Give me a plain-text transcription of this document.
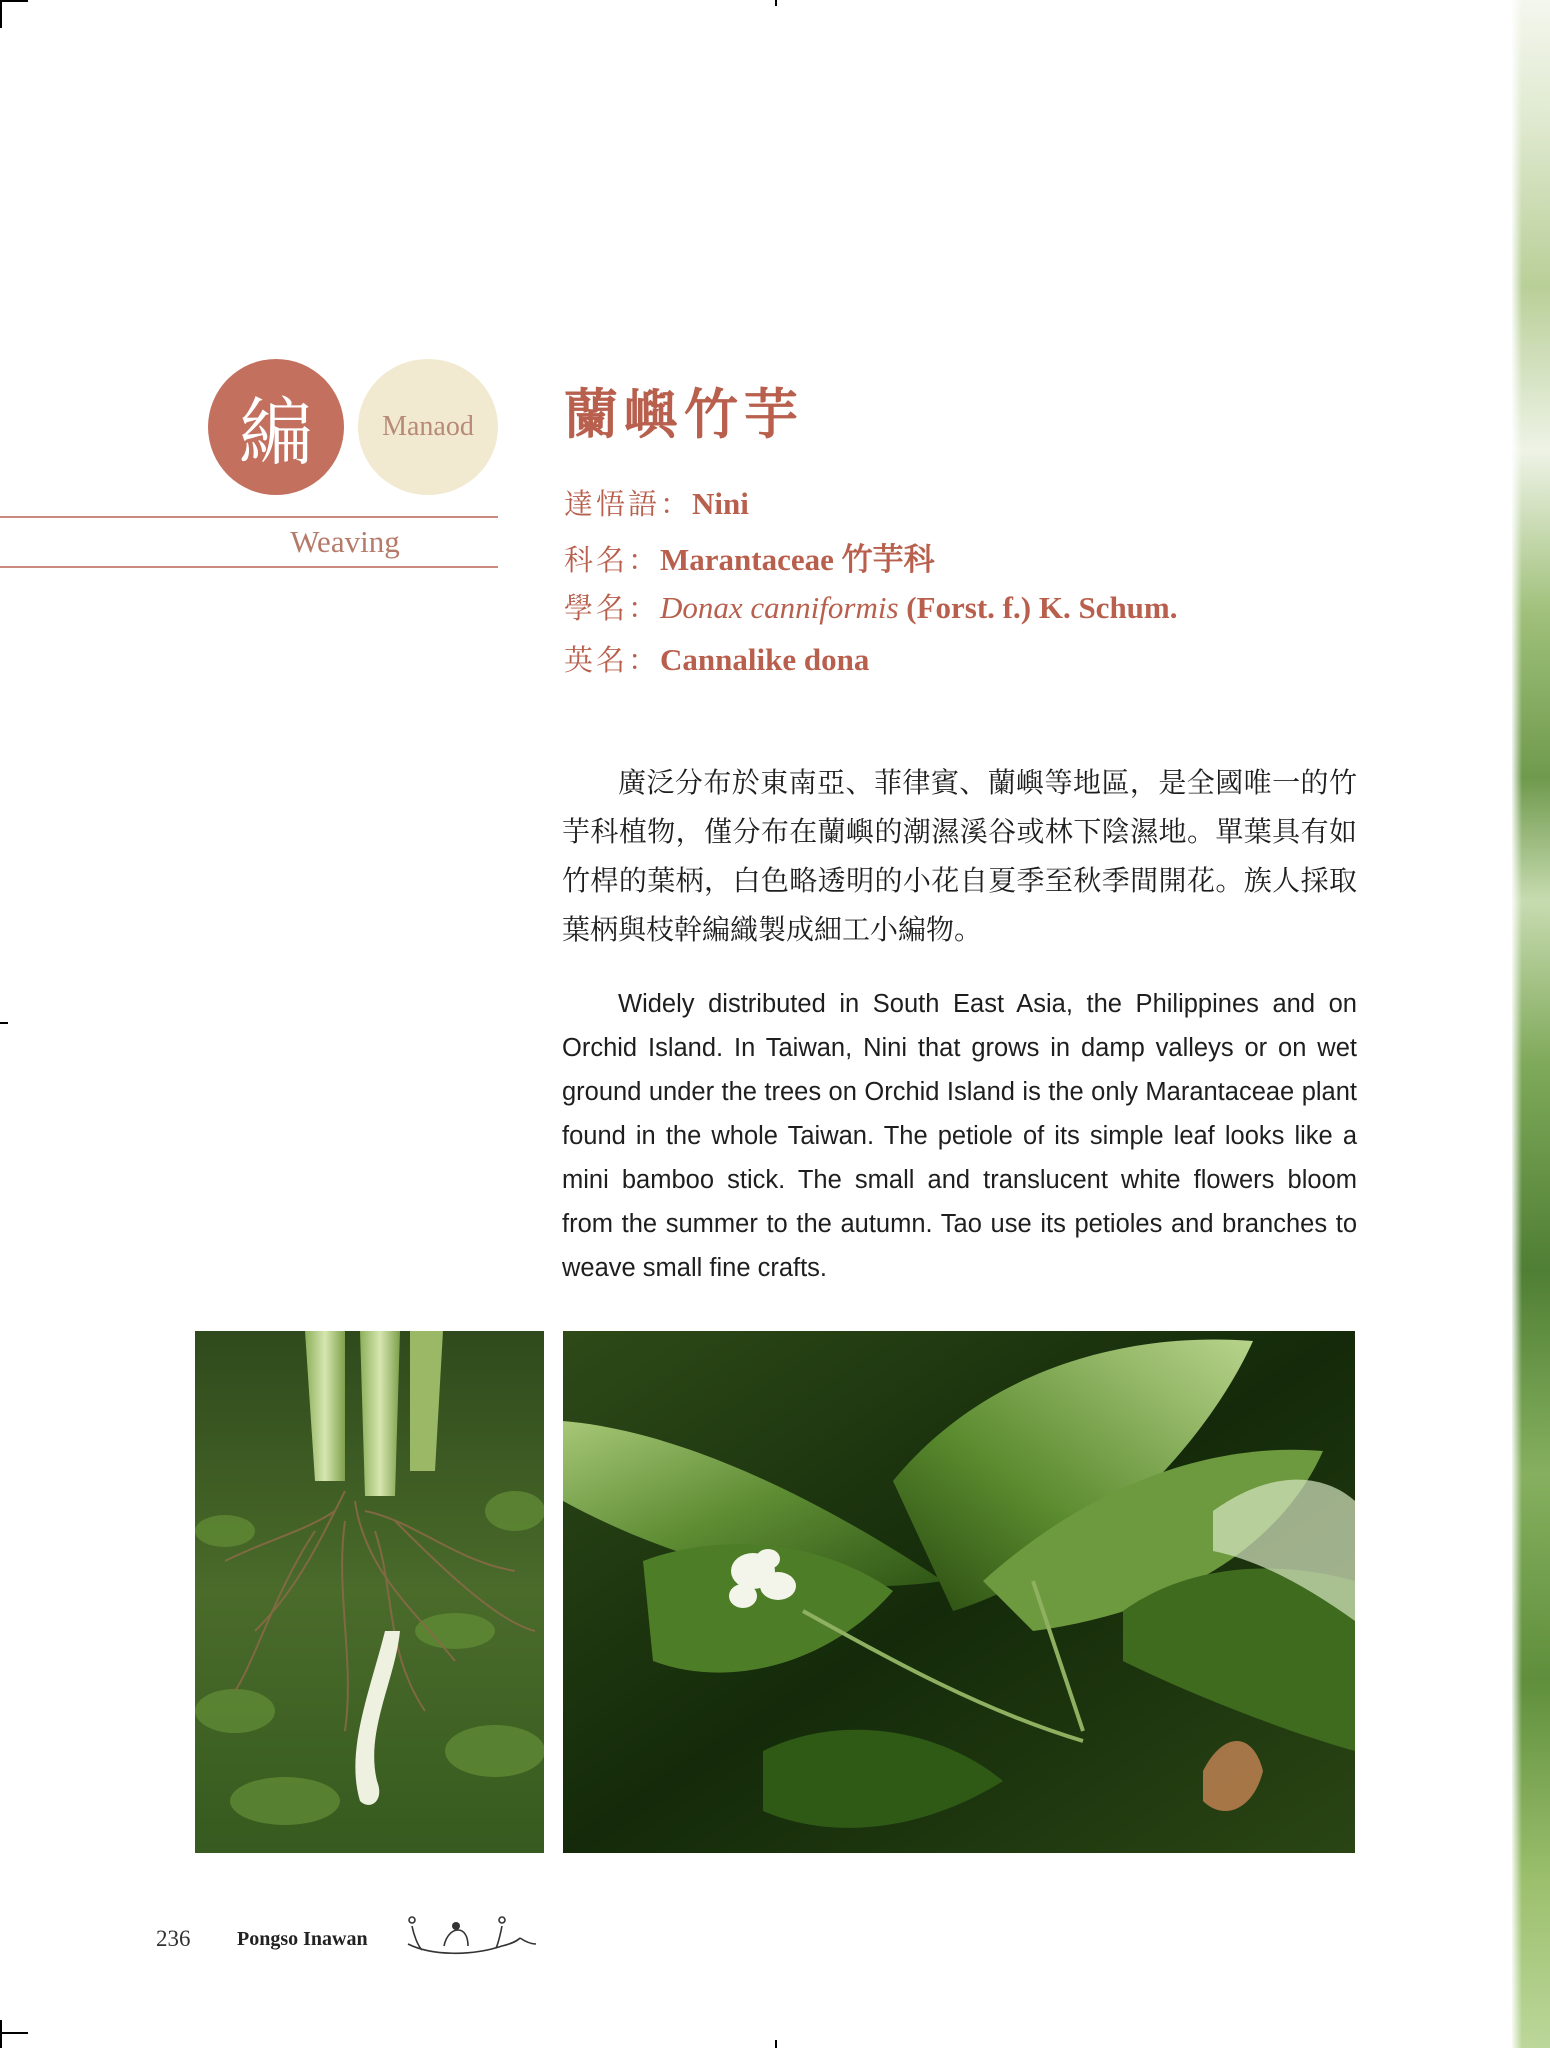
編 Manaod
Weaving
蘭嶼竹芋
達悟語：Nini
科名：Marantaceae 竹芋科
學名：Donax canniformis (Forst. f.) K. Schum.
英名：Cannalike dona

廣泛分布於東南亞、菲律賓、蘭嶼等地區，是全國唯一的竹芋科植物，僅分布在蘭嶼的潮濕溪谷或林下陰濕地。單葉具有如竹桿的葉柄，白色略透明的小花自夏季至秋季間開花。族人採取葉柄與枝幹編織製成細工小編物。

Widely distributed in South East Asia, the Philippines and on Orchid Island. In Taiwan, Nini that grows in damp valleys or on wet ground under the trees on Orchid Island is the only Marantaceae plant found in the whole Taiwan. The petiole of its simple leaf looks like a mini bamboo stick. The small and translucent white flowers bloom from the summer to the autumn. Tao use its petioles and branches to weave small fine crafts.

236 Pongso Inawan
